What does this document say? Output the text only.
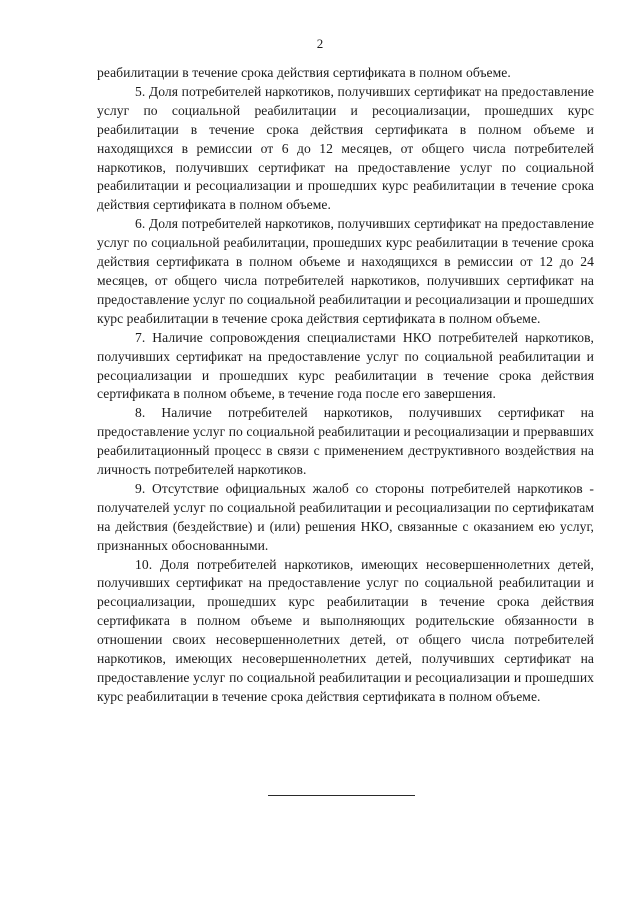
2

реабилитации в течение срока действия сертификата в полном объеме.

5. Доля потребителей наркотиков, получивших сертификат на предоставление услуг по социальной реабилитации и ресоциализации, прошедших курс реабилитации в течение срока действия сертификата в полном объеме и находящихся в ремиссии от 6 до 12 месяцев, от общего числа потребителей наркотиков, получивших сертификат на предоставление услуг по социальной реабилитации и ресоциализации и прошедших курс реабилитации в течение срока действия сертификата в полном объеме.

6. Доля потребителей наркотиков, получивших сертификат на предоставление услуг по социальной реабилитации, прошедших курс реабилитации в течение срока действия сертификата в полном объеме и находящихся в ремиссии от 12 до 24 месяцев, от общего числа потребителей наркотиков, получивших сертификат на предоставление услуг по социальной реабилитации и ресоциализации и прошедших курс реабилитации в течение срока действия сертификата в полном объеме.

7. Наличие сопровождения специалистами НКО потребителей наркотиков, получивших сертификат на предоставление услуг по социальной реабилитации и ресоциализации и прошедших курс реабилитации в течение срока действия сертификата в полном объеме, в течение года после его завершения.

8. Наличие потребителей наркотиков, получивших сертификат на предоставление услуг по социальной реабилитации и ресоциализации и прервавших реабилитационный процесс в связи с применением деструктивного воздействия на личность потребителей наркотиков.

9. Отсутствие официальных жалоб со стороны потребителей наркотиков - получателей услуг по социальной реабилитации и ресоциализации по сертификатам на действия (бездействие) и (или) решения НКО, связанные с оказанием ею услуг, признанных обоснованными.

10. Доля потребителей наркотиков, имеющих несовершеннолетних детей, получивших сертификат на предоставление услуг по социальной реабилитации и ресоциализации, прошедших курс реабилитации в течение срока действия сертификата в полном объеме и выполняющих родительские обязанности в отношении своих несовершеннолетних детей, от общего числа потребителей наркотиков, имеющих несовершеннолетних детей, получивших сертификат на предоставление услуг по социальной реабилитации и ресоциализации и прошедших курс реабилитации в течение срока действия сертификата в полном объеме.
